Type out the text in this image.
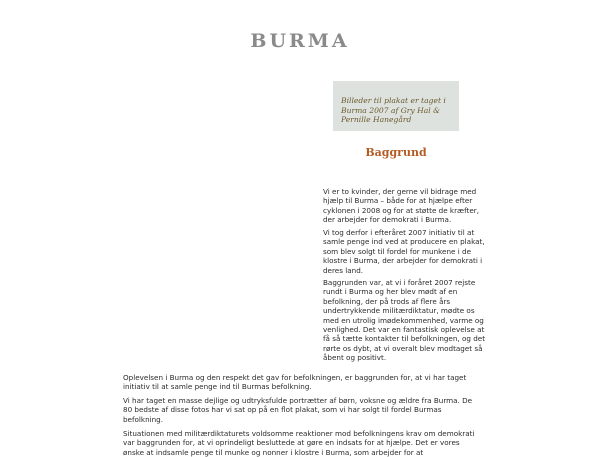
BURMA
Billeder til plakat er taget i
Burma 2007 af Gry Hal &
Pernille Hanegård
Baggrund
Vi er to kvinder, der gerne vil bidrage med
hjælp til Burma – både for at hjælpe efter
cyklonen i 2008 og for at støtte de kræfter,
der arbejder for demokrati i Burma.
Vi tog derfor i efteråret 2007 initiativ til at
samle penge ind ved at producere en plakat,
som blev solgt til fordel for munkene i de
klostre i Burma, der arbejder for demokrati i
deres land.
Baggrunden var, at vi i foråret 2007 rejste
rundt i Burma og her blev mødt af en
befolkning, der på trods af flere års
undertrykkende militærdiktatur, mødte os
med en utrolig imødekommenhed, varme og
venlighed. Det var en fantastisk oplevelse at
få så tætte kontakter til befolkningen, og det
rørte os dybt, at vi overalt blev modtaget så
åbent og positivt.
Oplevelsen i Burma og den respekt det gav for befolkningen, er baggrunden for, at vi har taget
initiativ til at samle penge ind til Burmas befolkning.
Vi har taget en masse dejlige og udtryksfulde portrætter af børn, voksne og ældre fra Burma. De
80 bedste af disse fotos har vi sat op på en flot plakat, som vi har solgt til fordel Burmas
befolkning.
Situationen med militærdiktaturets voldsomme reaktioner mod befolkningens krav om demokrati
var baggrunden for, at vi oprindeligt besluttede at gøre en indsats for at hjælpe. Det er vores
ønske at indsamle penge til munke og nonner i klostre i Burma, som arbejder for at
